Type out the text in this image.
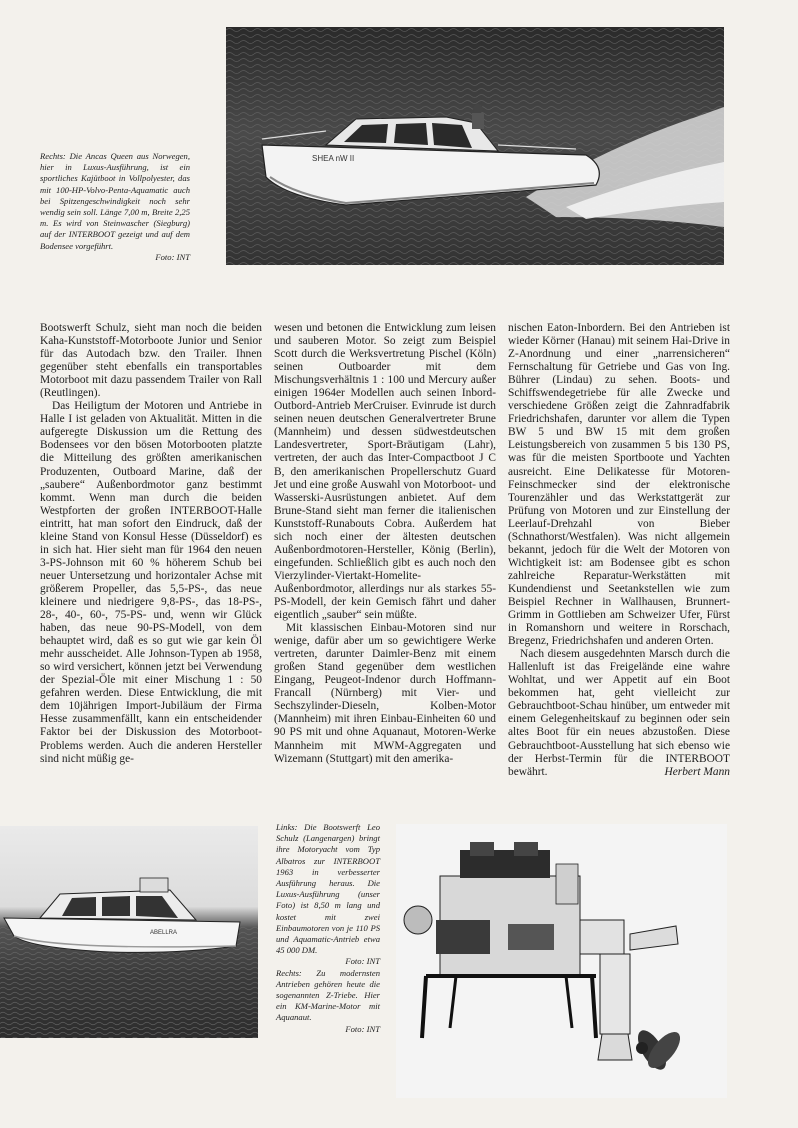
SHEA nW II
Rechts: Die Ancas Queen aus Norwegen, hier in Luxus-Ausführung, ist ein sportliches Kajütboot in Vollpolyester, das mit 100-HP-Volvo-Penta-Aquamatic auch bei Spitzengeschwindigkeit noch sehr wendig sein soll. Länge 7,00 m, Breite 2,25 m. Es wird von Steinwascher (Siegburg) auf der INTERBOOT gezeigt und auf dem Bodensee vorgeführt.
Foto: INT

Bootswerft Schulz, sieht man noch die beiden Kaha-Kunststoff-Motorboote Junior und Senior für das Autodach bzw. den Trailer. Ihnen gegenüber steht ebenfalls ein transportables Motorboot mit dazu passendem Trailer von Rall (Reutlingen).

Das Heiligtum der Motoren und Antriebe in Halle I ist geladen von Aktualität. Mitten in die aufgeregte Diskussion um die Rettung des Bodensees vor den bösen Motorbooten platzte die Mitteilung des größten amerikanischen Produzenten, Outboard Marine, daß der „saubere“ Außenbordmotor ganz bestimmt kommt. Wenn man durch die beiden Westpforten der großen INTERBOOT-Halle eintritt, hat man sofort den Eindruck, daß der kleine Stand von Konsul Hesse (Düsseldorf) es in sich hat. Hier sieht man für 1964 den neuen 3-PS-Johnson mit 60 % höherem Schub bei neuer Untersetzung und horizontaler Achse mit größerem Propeller, das 5,5-PS-, das neue kleinere und niedrigere 9,8-PS-, das 18-PS-, 28-, 40-, 60-, 75-PS- und, wenn wir Glück haben, das neue 90-PS-Modell, von dem behauptet wird, daß es so gut wie gar kein Öl mehr ausscheidet. Alle Johnson-Typen ab 1958, so wird versichert, können jetzt bei Verwendung der Spezial-Öle mit einer Mischung 1 : 50 gefahren werden. Diese Entwicklung, die mit dem 10jährigen Import-Jubiläum der Firma Hesse zusammenfällt, kann ein entscheidender Faktor bei der Diskussion des Motorboot-Problems werden. Auch die anderen Hersteller sind nicht müßig ge-

wesen und betonen die Entwicklung zum leisen und sauberen Motor. So zeigt zum Beispiel Scott durch die Werksvertretung Pischel (Köln) seinen Outboarder mit dem Mischungsverhältnis 1 : 100 und Mercury außer einigen 1964er Modellen auch seinen Inbord-Outbord-Antrieb MerCruiser. Evinrude ist durch seinen neuen deutschen Generalvertreter Brune (Mannheim) und dessen südwestdeutschen Landesvertreter, Sport-Bräutigam (Lahr), vertreten, der auch das Inter-Compactboot J C B, den amerikanischen Propellerschutz Guard Jet und eine große Auswahl von Motorboot- und Wasserski-Ausrüstungen anbietet. Auf dem Brune-Stand sieht man ferner die italienischen Kunststoff-Runabouts Cobra. Außerdem hat sich noch einer der ältesten deutschen Außenbordmotoren-Hersteller, König (Berlin), eingefunden. Schließlich gibt es auch noch den Vierzylinder-Viertakt-Homelite-Außenbordmotor, allerdings nur als starkes 55-PS-Modell, der kein Gemisch fährt und daher eigentlich „sauber“ sein müßte.

Mit klassischen Einbau-Motoren sind nur wenige, dafür aber um so gewichtigere Werke vertreten, darunter Daimler-Benz mit einem großen Stand gegenüber dem westlichen Eingang, Peugeot-Indenor durch Hoffmann-Francall (Nürnberg) mit Vier- und Sechszylinder-Dieseln, Kolben-Motor (Mannheim) mit ihren Einbau-Einheiten 60 und 90 PS mit und ohne Aquanaut, Motoren-Werke Mannheim mit MWM-Aggregaten und Wizemann (Stuttgart) mit den amerika-

nischen Eaton-Inbordern. Bei den Antrieben ist wieder Körner (Hanau) mit seinem Hai-Drive in Z-Anordnung und einer „narrensicheren“ Fernschaltung für Getriebe und Gas von Ing. Bührer (Lindau) zu sehen. Boots- und Schiffswendegetriebe für alle Zwecke und verschiedene Größen zeigt die Zahnradfabrik Friedrichshafen, darunter vor allem die Typen BW 5 und BW 15 mit dem großen Leistungsbereich von zusammen 5 bis 130 PS, was für die meisten Sportboote und Yachten ausreicht. Eine Delikatesse für Motoren-Feinschmecker sind der elektronische Tourenzähler und das Werkstattgerät zur Prüfung von Motoren und zur Einstellung der Leerlauf-Drehzahl von Bieber (Schnathorst/Westfalen). Was nicht allgemein bekannt, jedoch für die Welt der Motoren von Wichtigkeit ist: am Bodensee gibt es schon zahlreiche Reparatur-Werkstätten mit Kundendienst und Seetankstellen wie zum Beispiel Rechner in Wallhausen, Brunnert-Grimm in Gottlieben am Schweizer Ufer, Fürst in Romanshorn und weitere in Rorschach, Bregenz, Friedrichshafen und anderen Orten.

Nach diesem ausgedehnten Marsch durch die Hallenluft ist das Freigelände eine wahre Wohltat, und wer Appetit auf ein Boot bekommen hat, geht vielleicht zur Gebrauchtboot-Schau hinüber, um entweder mit einem Gelegenheitskauf zu beginnen oder sein altes Boot für ein neues abzustoßen. Diese Gebrauchtboot-Ausstellung hat sich ebenso wie der Herbst-Termin für die INTERBOOT bewährt.	Herbert Mann

ABELLRA
Links: Die Bootswerft Leo Schulz (Langenargen) bringt ihre Motoryacht vom Typ Albatros zur INTERBOOT 1963 in verbesserter Ausführung heraus. Die Luxus-Ausführung (unser Foto) ist 8,50 m lang und kostet mit zwei Einbaumotoren von je 110 PS und Aquamatic-Antrieb etwa 45 000 DM.
Foto: INT
Rechts: Zu modernsten Antrieben gehören heute die sogenannten Z-Triebe. Hier ein KM-Marine-Motor mit Aquanaut.
Foto: INT
